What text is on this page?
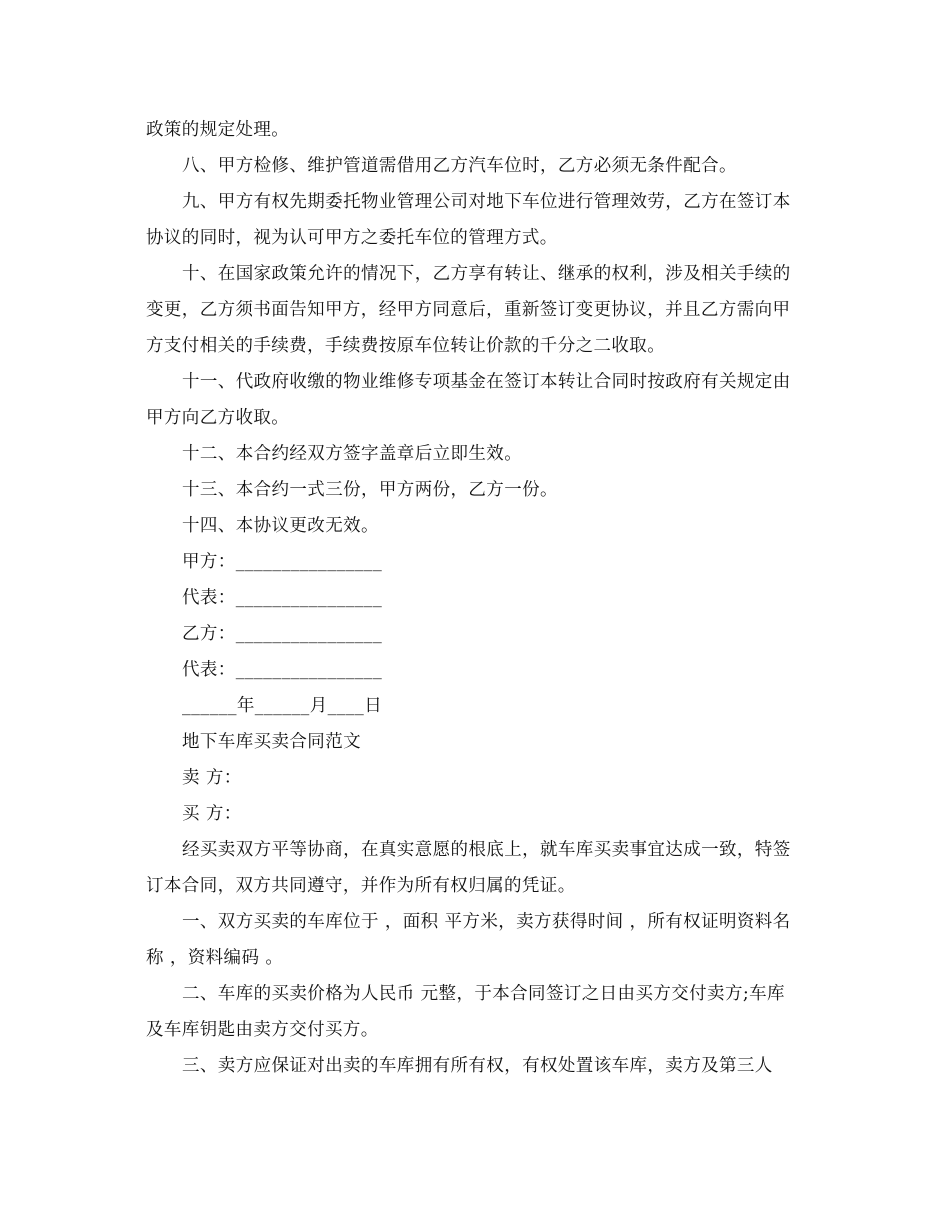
政策的规定处理。

八、甲方检修、维护管道需借用乙方汽车位时，乙方必须无条件配合。

九、甲方有权先期委托物业管理公司对地下车位进行管理效劳，乙方在签订本协议的同时，视为认可甲方之委托车位的管理方式。

十、在国家政策允许的情况下，乙方享有转让、继承的权利，涉及相关手续的变更，乙方须书面告知甲方，经甲方同意后，重新签订变更协议，并且乙方需向甲方支付相关的手续费，手续费按原车位转让价款的千分之二收取。

十一、代政府收缴的物业维修专项基金在签订本转让合同时按政府有关规定由甲方向乙方收取。

十二、本合约经双方签字盖章后立即生效。

十三、本合约一式三份，甲方两份，乙方一份。

十四、本协议更改无效。

甲方：________________

代表：________________

乙方：________________

代表：________________

______年______月____日

地下车库买卖合同范文

卖 方：

买 方：

经买卖双方平等协商，在真实意愿的根底上，就车库买卖事宜达成一致，特签订本合同，双方共同遵守，并作为所有权归属的凭证。

一、双方买卖的车库位于 ，面积 平方米，卖方获得时间 ，所有权证明资料名称 ，资料编码 。

二、车库的买卖价格为人民币 元整，于本合同签订之日由买方交付卖方;车库及车库钥匙由卖方交付买方。

三、卖方应保证对出卖的车库拥有所有权，有权处置该车库，卖方及第三人
